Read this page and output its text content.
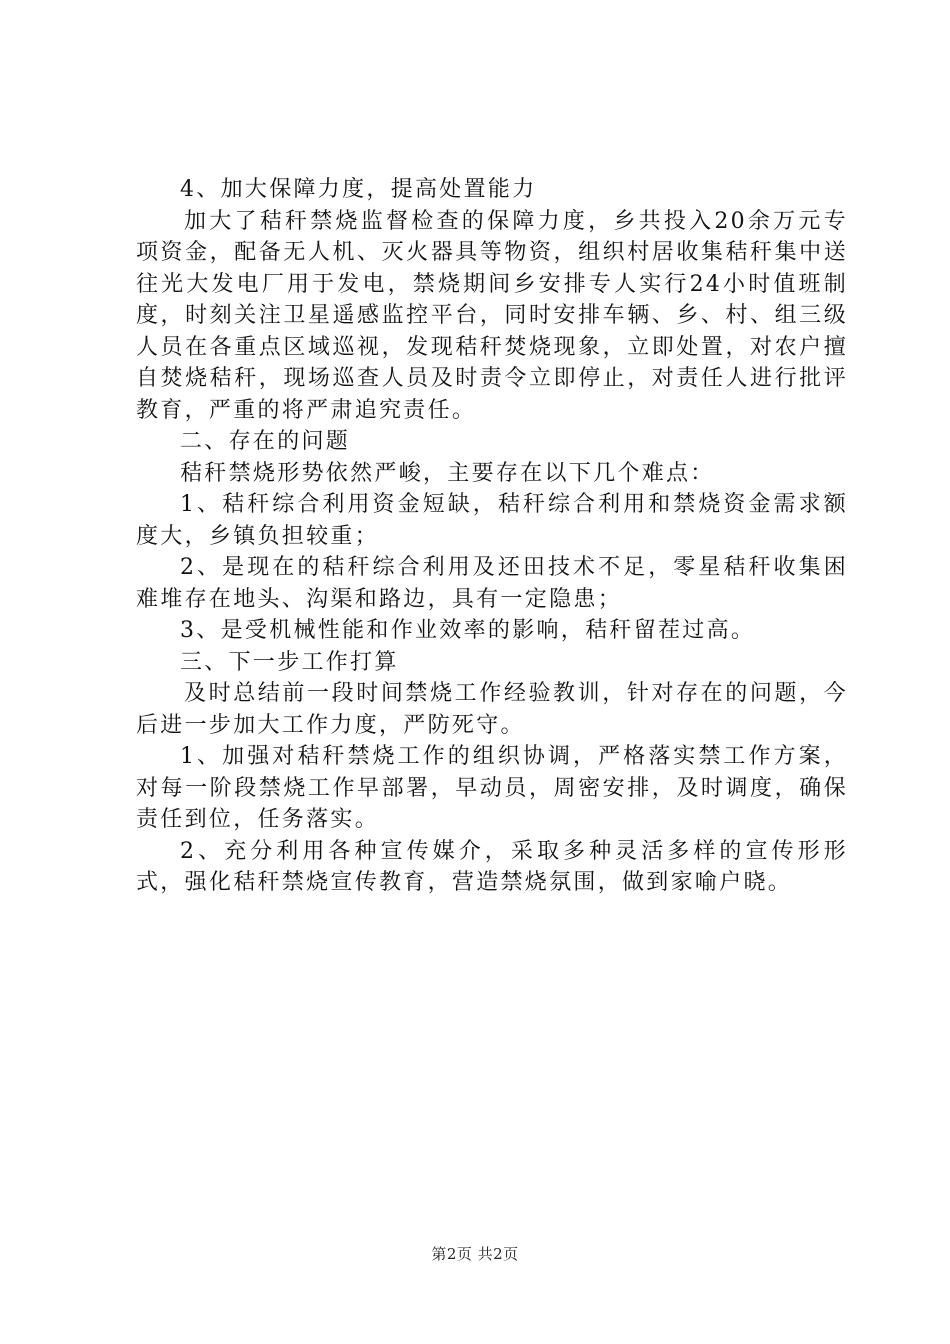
4、加大保障力度，提高处置能力

加大了秸秆禁烧监督检查的保障力度，乡共投入20余万元专项资金，配备无人机、灭火器具等物资，组织村居收集秸秆集中送往光大发电厂用于发电，禁烧期间乡安排专人实行24小时值班制度，时刻关注卫星遥感监控平台，同时安排车辆、乡、村、组三级人员在各重点区域巡视，发现秸秆焚烧现象，立即处置，对农户擅自焚烧秸秆，现场巡查人员及时责令立即停止，对责任人进行批评教育，严重的将严肃追究责任。

二、存在的问题

秸秆禁烧形势依然严峻，主要存在以下几个难点：

1、秸秆综合利用资金短缺，秸秆综合利用和禁烧资金需求额度大，乡镇负担较重；

2、是现在的秸秆综合利用及还田技术不足，零星秸秆收集困难堆存在地头、沟渠和路边，具有一定隐患；

3、是受机械性能和作业效率的影响，秸秆留茬过高。

三、下一步工作打算

及时总结前一段时间禁烧工作经验教训，针对存在的问题，今后进一步加大工作力度，严防死守。

1、加强对秸秆禁烧工作的组织协调，严格落实禁工作方案，对每一阶段禁烧工作早部署，早动员，周密安排，及时调度，确保责任到位，任务落实。

2、充分利用各种宣传媒介，采取多种灵活多样的宣传形形式，强化秸秆禁烧宣传教育，营造禁烧氛围，做到家喻户晓。

第2页 共2页
